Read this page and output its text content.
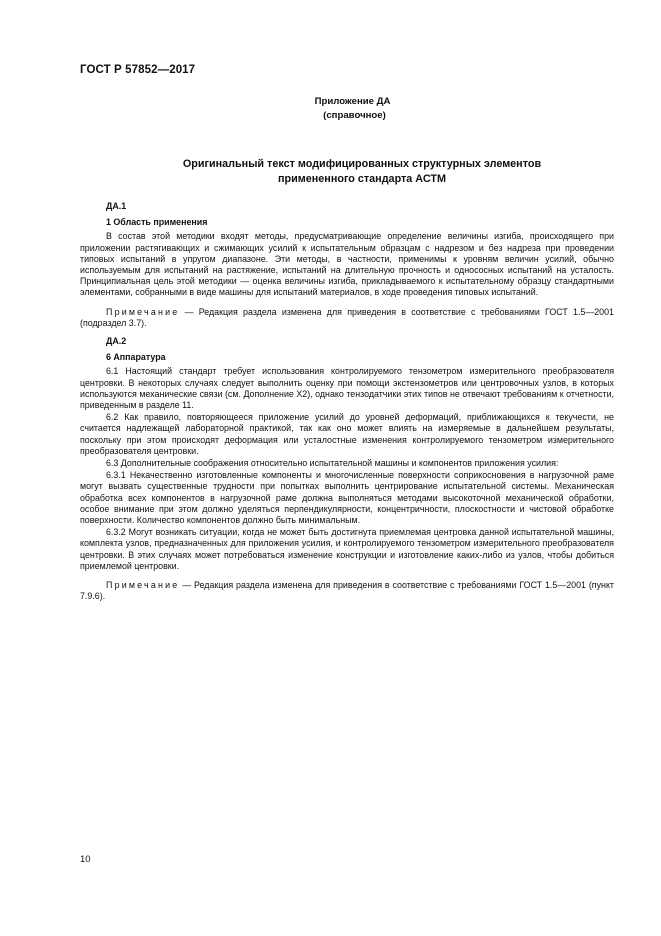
ГОСТ Р 57852—2017
Приложение ДА
(справочное)
Оригинальный текст модифицированных структурных элементов
примененного стандарта АСТМ

ДА.1

1 Область применения

В состав этой методики входят методы, предусматривающие определение величины изгиба, происходящего при приложении растягивающих и сжимающих усилий к испытательным образцам с надрезом и без надреза при проведении типовых испытаний в упругом диапазоне. Эти методы, в частности, применимы к уровням величин усилий, обычно используемым для испытаний на растяжение, испытаний на длительную прочность и однососных испытаний на усталость. Принципиальная цель этой методики — оценка величины изгиба, прикладываемого к испытательному образцу стандартными элементами, собранными в виде машины для испытаний материалов, в ходе проведения типовых испытаний.

Примечание — Редакция раздела изменена для приведения в соответствие с требованиями ГОСТ 1.5—2001 (подраздел 3.7).

ДА.2

6 Аппаратура

6.1 Настоящий стандарт требует использования контролируемого тензометром измерительного преобразователя центровки. В некоторых случаях следует выполнить оценку при помощи экстензометров или центровочных узлов, в которых используются механические связи (см. Дополнение Х2), однако тензодатчики этих типов не отвечают требованиям к отчетности, приведенным в разделе 11.

6.2 Как правило, повторяющееся приложение усилий до уровней деформаций, приближающихся к текучести, не считается надлежащей лабораторной практикой, так как оно может влиять на измеряемые в дальнейшем результаты, поскольку при этом происходят деформация или усталостные изменения контролируемого тензометром измерительного преобразователя центровки.

6.3 Дополнительные соображения относительно испытательной машины и компонентов приложения усилия:

6.3.1 Некачественно изготовленные компоненты и многочисленные поверхности соприкосновения в нагрузочной раме могут вызвать существенные трудности при попытках выполнить центрирование испытательной системы. Механическая обработка всех компонентов в нагрузочной раме должна выполняться методами высокоточной механической обработки, особое внимание при этом должно уделяться перпендикулярности, концентричности, плоскостности и чистовой обработке поверхности. Количество компонентов должно быть минимальным.

6.3.2 Могут возникать ситуации, когда не может быть достигнута приемлемая центровка данной испытательной машины, комплекта узлов, предназначенных для приложения усилия, и контролируемого тензометром измерительного преобразователя центровки. В этих случаях может потребоваться изменение конструкции и изготовление каких-либо из узлов, чтобы добиться приемлемой центровки.

Примечание — Редакция раздела изменена для приведения в соответствие с требованиями ГОСТ 1.5—2001 (пункт 7.9.6).

10
